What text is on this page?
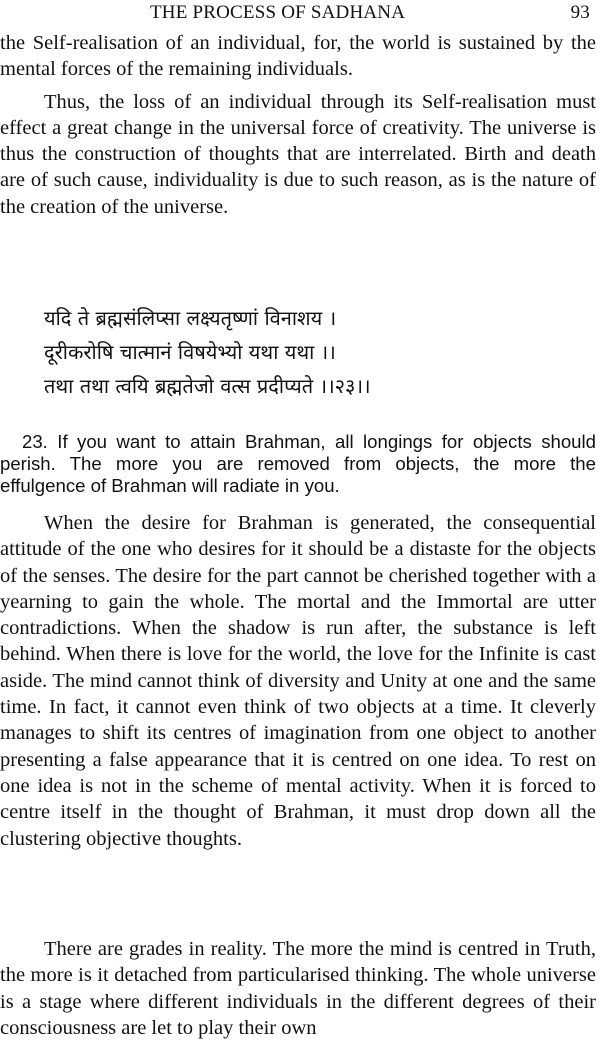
THE PROCESS OF SADHANA	93

the Self-realisation of an individual, for, the world is sustained by the mental forces of the remaining individuals.

Thus, the loss of an individual through its Self-realisation must effect a great change in the universal force of creativity. The universe is thus the construction of thoughts that are interrelated. Birth and death are of such cause, individuality is due to such reason, as is the nature of the creation of the universe.

यदि ते ब्रह्मसंलिप्सा लक्ष्यतृष्णां विनाशय ।
दूरीकरोषि चात्मानं विषयेभ्यो यथा यथा ।।
तथा तथा त्वयि ब्रह्मतेजो वत्स प्रदीप्यते ।।२३।।

23. If you want to attain Brahman, all longings for objects should perish. The more you are removed from objects, the more the effulgence of Brahman will radiate in you.

When the desire for Brahman is generated, the consequential attitude of the one who desires for it should be a distaste for the objects of the senses. The desire for the part cannot be cherished together with a yearning to gain the whole. The mortal and the Immortal are utter contradictions. When the shadow is run after, the substance is left behind. When there is love for the world, the love for the Infinite is cast aside. The mind cannot think of diversity and Unity at one and the same time. In fact, it cannot even think of two objects at a time. It cleverly manages to shift its centres of imagination from one object to another presenting a false appearance that it is centred on one idea. To rest on one idea is not in the scheme of mental activity. When it is forced to centre itself in the thought of Brahman, it must drop down all the clustering objective thoughts.

There are grades in reality. The more the mind is centred in Truth, the more is it detached from particularised thinking. The whole universe is a stage where different individuals in the different degrees of their consciousness are let to play their own
